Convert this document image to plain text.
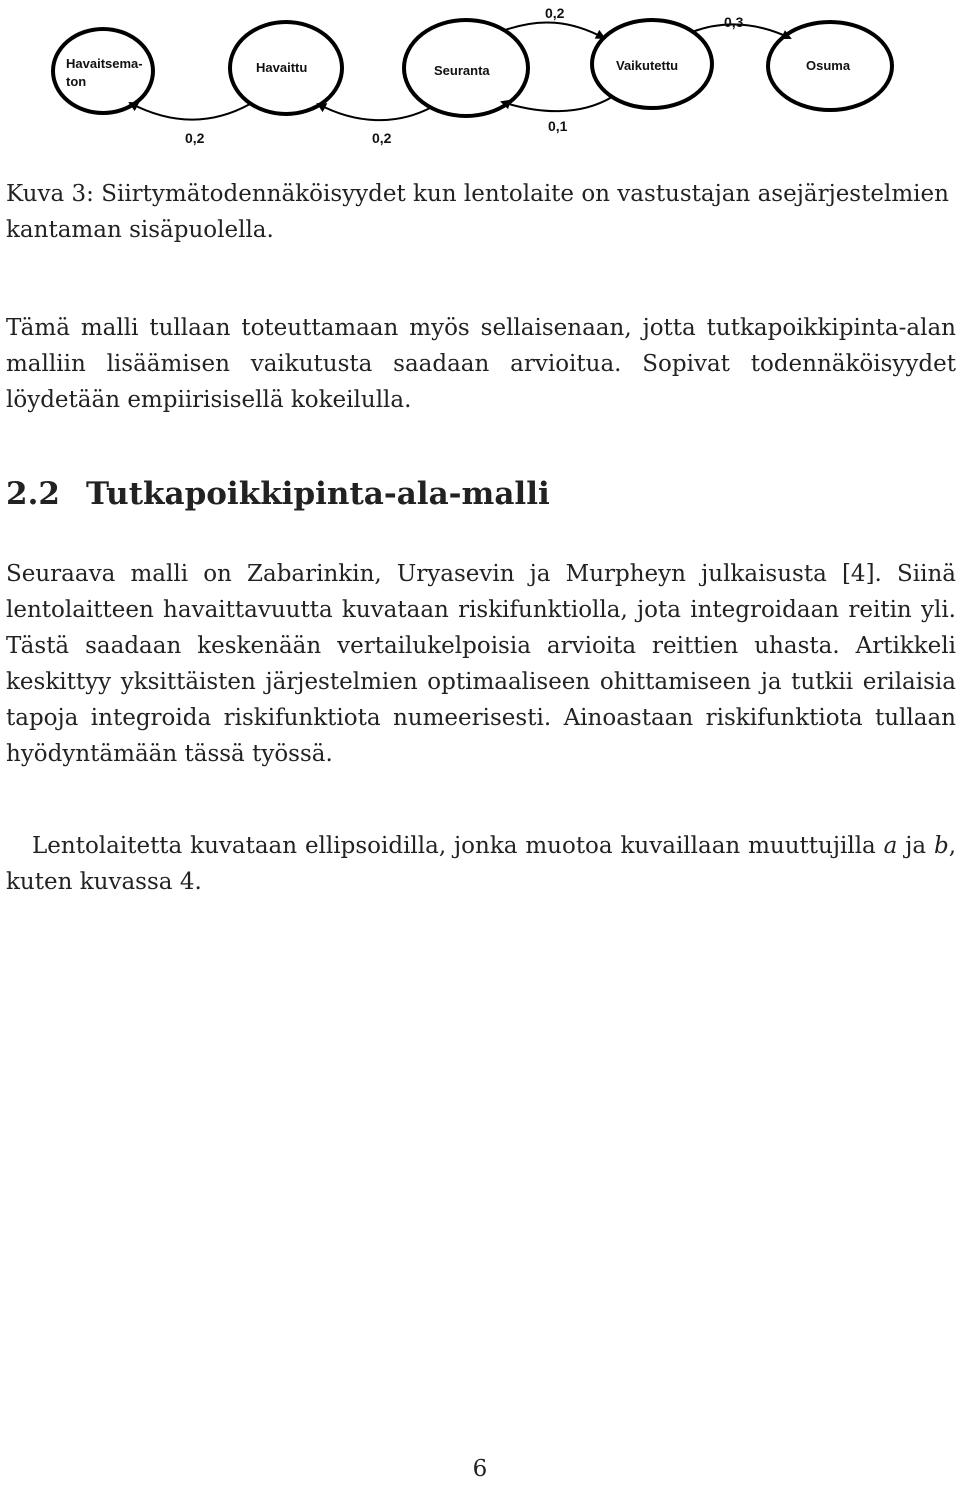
Havaitsema-
ton
Havaittu	Seuranta	Vaikutettu	Osuma
0,2
0,3
0,2	0,2
0,1

Kuva 3: Siirtymätodennäköisyydet kun lentolaite on vastustajan asejärjestelmien kantaman sisäpuolella.

Tämä malli tullaan toteuttamaan myös sellaisenaan, jotta tutkapoikkipinta-alan malliin lisäämisen vaikutusta saadaan arvioitua. Sopivat todennäköisyydet löydetään empiirisisellä kokeilulla.

2.2 Tutkapoikkipinta-ala-malli

Seuraava malli on Zabarinkin, Uryasevin ja Murpheyn julkaisusta [4]. Siinä lentolaitteen havaittavuutta kuvataan riskifunktiolla, jota integroidaan reitin yli. Tästä saadaan keskenään vertailukelpoisia arvioita reittien uhasta. Artikkeli keskittyy yksittäisten järjestelmien optimaaliseen ohittamiseen ja tutkii erilaisia tapoja integroida riskifunktiota numeerisesti. Ainoastaan riskifunktiota tullaan hyödyntämään tässä työssä.

Lentolaitetta kuvataan ellipsoidilla, jonka muotoa kuvaillaan muuttujilla a ja b, kuten kuvassa 4.

6
